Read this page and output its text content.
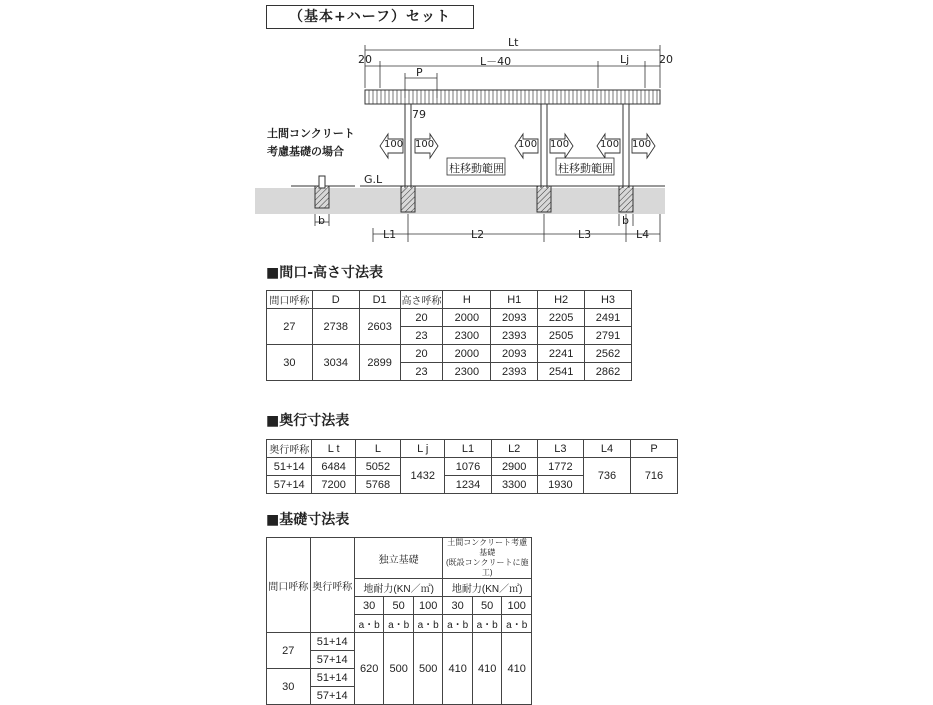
（基本+ハーフ）セット
Lt
20	L－40	Lj	20
P
79
土間コンクリート
考慮基礎の場合
100 100	100 100	100 100
柱移動範囲	柱移動範囲
G.L
b	b
L1	L2	L3	L4
■間口-高さ寸法表
間口呼称	D	D1	高さ呼称	H	H1	H2	H3
27	2738	2603	20	2000	2093	2205	2491
			23	2300	2393	2505	2791
30	3034	2899	20	2000	2093	2241	2562
			23	2300	2393	2541	2862
■奥行寸法表
奥行呼称	L t	L	L j	L1	L2	L3	L4	P
51+14	6484	5052	1432	1076	2900	1772	736	716
57+14	7200	5768		1234	3300	1930		
■基礎寸法表
間口呼称	奥行呼称	独立基礎			土間コンクリート考慮基礎
(既設コンクリートに施工)		

		地耐力(KN／㎡)			地耐力(KN／㎡)		
		30	50	100	30	50	100
		a・b	a・b	a・b	a・b	a・b	a・b
27	51+14	620	500	500	410	410	410
	57+14						
30	51+14						
	57+14						
